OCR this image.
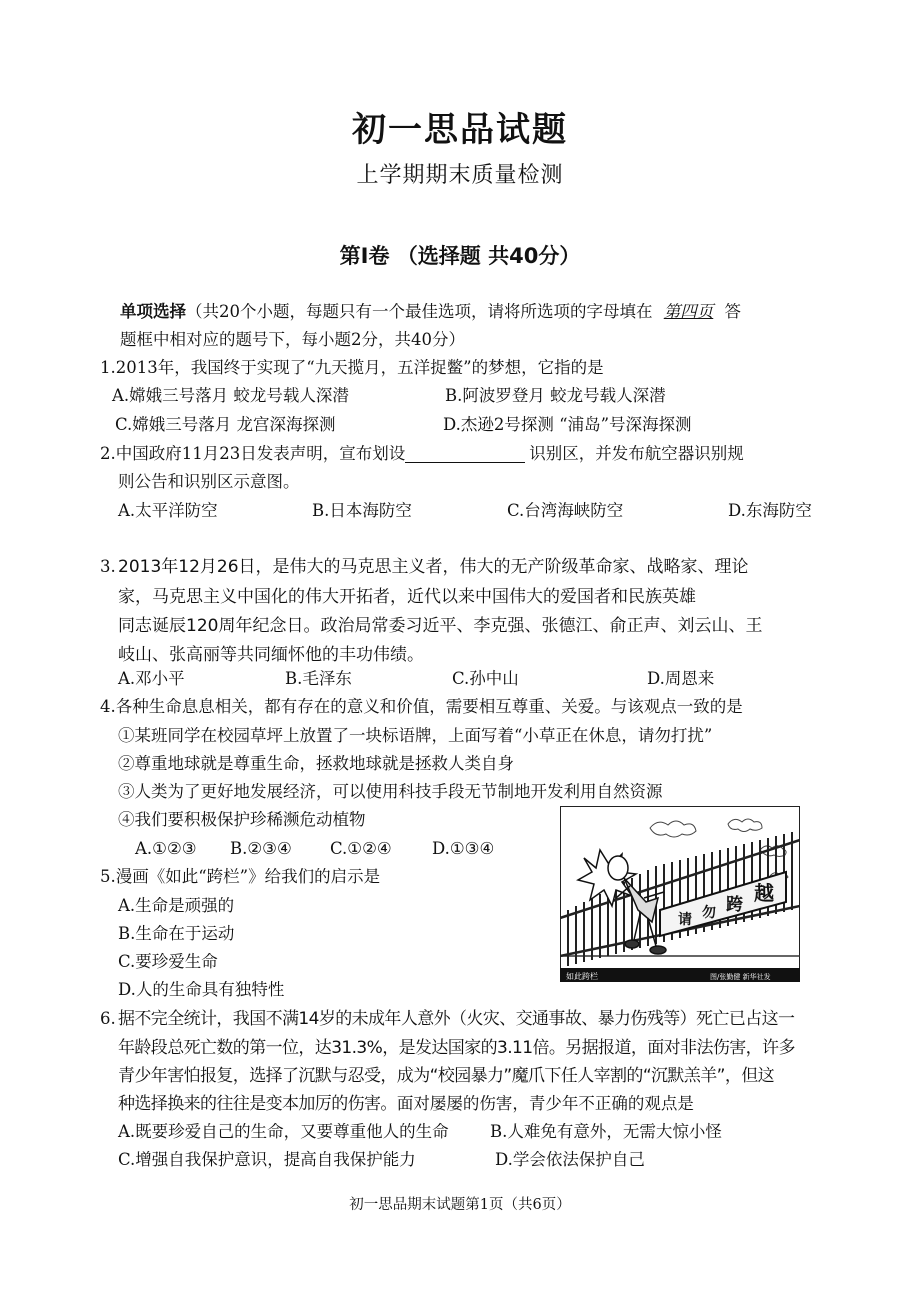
初一思品试题
上学期期末质量检测
第Ⅰ卷 （选择题 共40分）
单项选择（共20个小题，每题只有一个最佳选项，请将所选项的字母填在 第四页 答
题框中相对应的题号下，每小题2分，共40分）
1.2013年，我国终于实现了“九天揽月，五洋捉鳖”的梦想，它指的是
A.嫦娥三号落月 蛟龙号载人深潜	B.阿波罗登月 蛟龙号载人深潜
C.嫦娥三号落月 龙宫深海探测	D.杰逊2号探测 “浦岛”号深海探测
2.中国政府11月23日发表声明，宣布划设	识别区，并发布航空器识别规
则公告和识别区示意图。
A.太平洋防空	B.日本海防空	C.台湾海峡防空	D.东海防空
3. 2013年12月26日，是伟大的马克思主义者，伟大的无产阶级革命家、战略家、理论
家，马克思主义中国化的伟大开拓者，近代以来中国伟大的爱国者和民族英雄
同志诞辰120周年纪念日。政治局常委习近平、李克强、张德江、俞正声、刘云山、王
岐山、张高丽等共同缅怀他的丰功伟绩。
A.邓小平	B.毛泽东	C.孙中山	D.周恩来
4.各种生命息息相关，都有存在的意义和价值，需要相互尊重、关爱。与该观点一致的是
①某班同学在校园草坪上放置了一块标语牌，上面写着“小草正在休息，请勿打扰”
②尊重地球就是尊重生命，拯救地球就是拯救人类自身
③人类为了更好地发展经济，可以使用科技手段无节制地开发利用自然资源
④我们要积极保护珍稀濒危动植物
A.①②③ B.②③④ C.①②④ D.①③④
请 勿 跨 越
如此跨栏	图/张勤健 新华社发
5.漫画《如此“跨栏”》给我们的启示是
A.生命是顽强的
B.生命在于运动
C.要珍爱生命
D.人的生命具有独特性
6. 据不完全统计，我国不满14岁的未成年人意外（火灾、交通事故、暴力伤残等）死亡已占这一
年龄段总死亡数的第一位，达31.3%，是发达国家的3.11倍。另据报道，面对非法伤害，许多
青少年害怕报复，选择了沉默与忍受，成为“校园暴力”魔爪下任人宰割的“沉默羔羊”，但这
种选择换来的往往是变本加厉的伤害。面对屡屡的伤害，青少年不正确的观点是
A.既要珍爱自己的生命，又要尊重他人的生命	B.人难免有意外，无需大惊小怪
C.增强自我保护意识，提高自我保护能力	D.学会依法保护自己
初一思品期末试题第1页（共6页）
